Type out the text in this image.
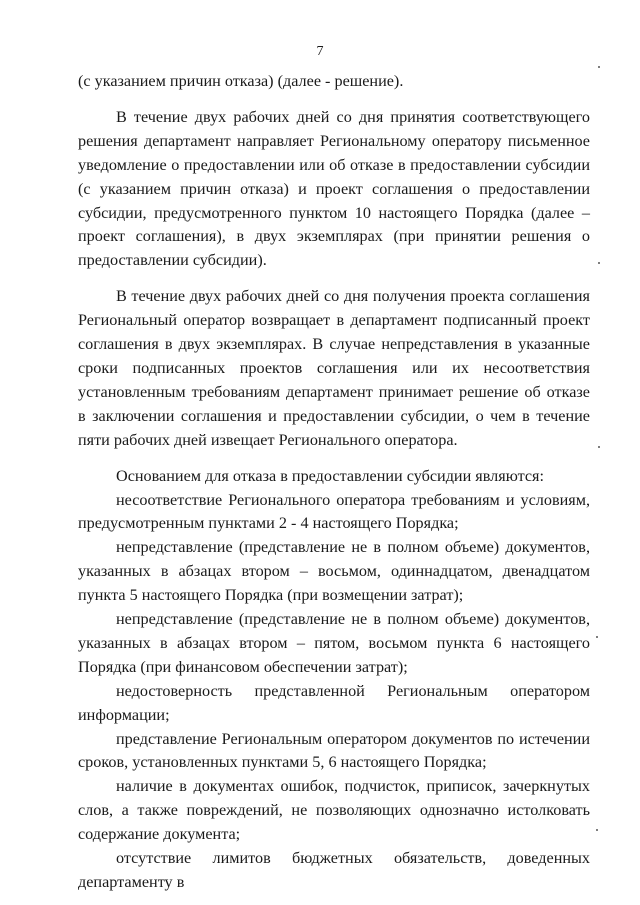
7

(с указанием причин отказа) (далее - решение).

В течение двух рабочих дней со дня принятия соответствующего решения департамент направляет Региональному оператору письменное уведомление о предоставлении или об отказе в предоставлении субсидии (с указанием причин отказа) и проект соглашения о предоставлении субсидии, предусмотренного пунктом 10 настоящего Порядка (далее – проект соглашения), в двух экземплярах (при принятии решения о предоставлении субсидии).

В течение двух рабочих дней со дня получения проекта соглашения Региональный оператор возвращает в департамент подписанный проект соглашения в двух экземплярах. В случае непредставления в указанные сроки подписанных проектов соглашения или их несоответствия установленным требованиям департамент принимает решение об отказе в заключении соглашения и предоставлении субсидии, о чем в течение пяти рабочих дней извещает Регионального оператора.

Основанием для отказа в предоставлении субсидии являются:

несоответствие Регионального оператора требованиям и условиям, предусмотренным пунктами 2 - 4 настоящего Порядка;

непредставление (представление не в полном объеме) документов, указанных в абзацах втором – восьмом, одиннадцатом, двенадцатом пункта 5 настоящего Порядка (при возмещении затрат);

непредставление (представление не в полном объеме) документов, указанных в абзацах втором – пятом, восьмом пункта 6 настоящего Порядка (при финансовом обеспечении затрат);

недостоверность представленной Региональным оператором информации;

представление Региональным оператором документов по истечении сроков, установленных пунктами 5, 6 настоящего Порядка;

наличие в документах ошибок, подчисток, приписок, зачеркнутых слов, а также повреждений, не позволяющих однозначно истолковать содержание документа;

отсутствие лимитов бюджетных обязательств, доведенных департаменту в
